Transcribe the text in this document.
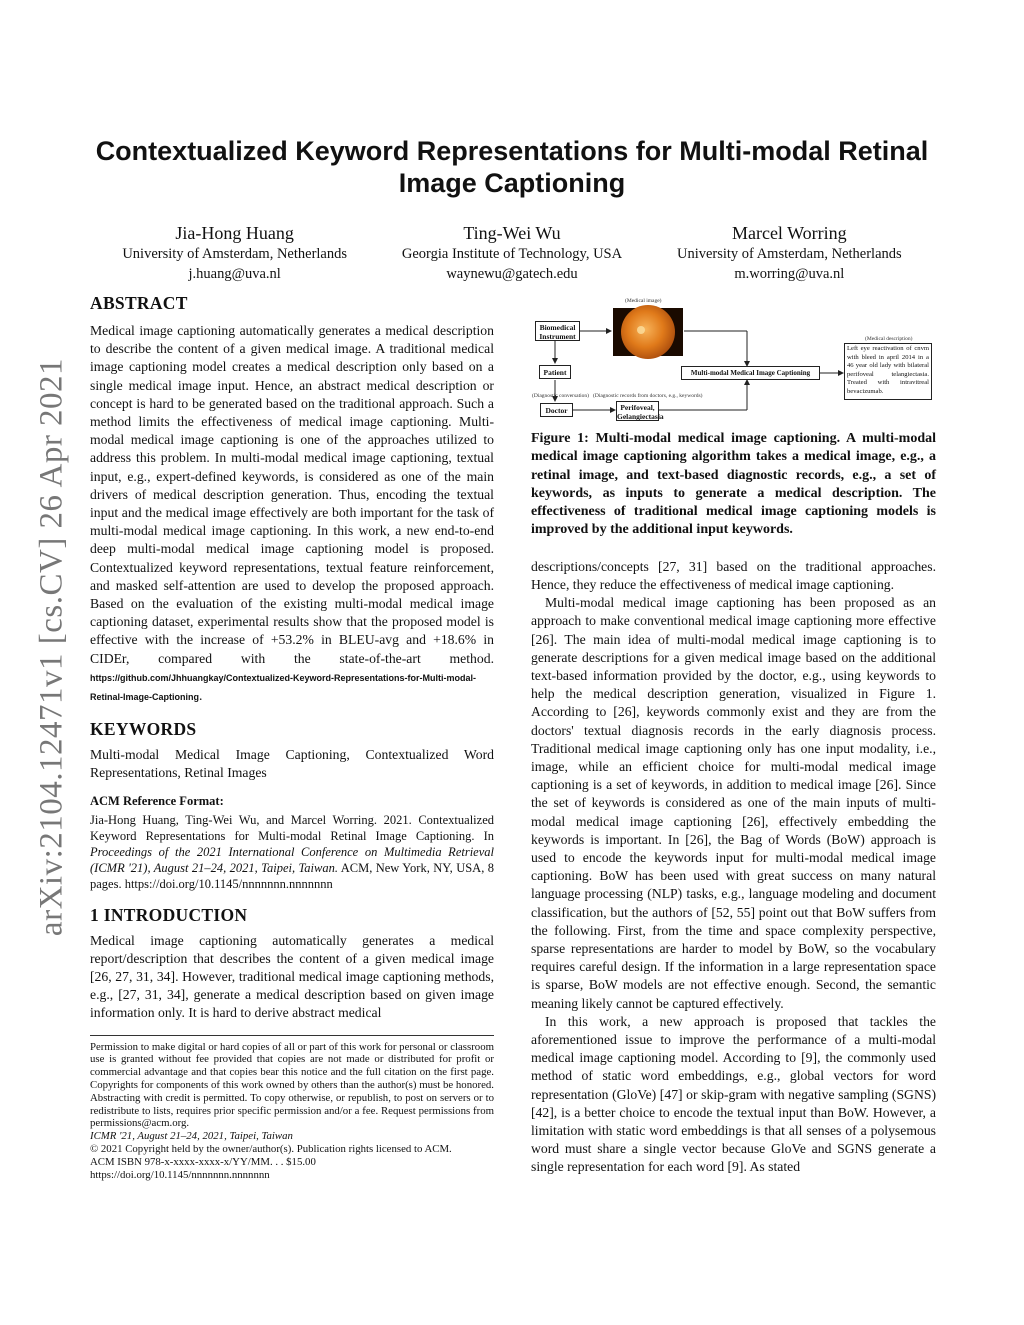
Contextualized Keyword Representations for Multi-modal Retinal Image Captioning
Jia-Hong Huang
University of Amsterdam, Netherlands
j.huang@uva.nl
Ting-Wei Wu
Georgia Institute of Technology, USA
waynewu@gatech.edu
Marcel Worring
University of Amsterdam, Netherlands
m.worring@uva.nl
arXiv:2104.12471v1 [cs.CV] 26 Apr 2021
ABSTRACT

Medical image captioning automatically generates a medical description to describe the content of a given medical image. A traditional medical image captioning model creates a medical description only based on a single medical image input. Hence, an abstract medical description or concept is hard to be generated based on the traditional approach. Such a method limits the effectiveness of medical image captioning. Multi-modal medical image captioning is one of the approaches utilized to address this problem. In multi-modal medical image captioning, textual input, e.g., expert-defined keywords, is considered as one of the main drivers of medical description generation. Thus, encoding the textual input and the medical image effectively are both important for the task of multi-modal medical image captioning. In this work, a new end-to-end deep multi-modal medical image captioning model is proposed. Contextualized keyword representations, textual feature reinforcement, and masked self-attention are used to develop the proposed approach. Based on the evaluation of the existing multi-modal medical image captioning dataset, experimental results show that the proposed model is effective with the increase of +53.2% in BLEU-avg and +18.6% in CIDEr, compared with the state-of-the-art method. https://github.com/Jhhuangkay/Contextualized-Keyword-Representations-for-Multi-modal-Retinal-Image-Captioning.

KEYWORDS

Multi-modal Medical Image Captioning, Contextualized Word Representations, Retinal Images

ACM Reference Format:

Jia-Hong Huang, Ting-Wei Wu, and Marcel Worring. 2021. Contextualized Keyword Representations for Multi-modal Retinal Image Captioning. In Proceedings of the 2021 International Conference on Multimedia Retrieval (ICMR '21), August 21–24, 2021, Taipei, Taiwan. ACM, New York, NY, USA, 8 pages. https://doi.org/10.1145/nnnnnnn.nnnnnnn

1 INTRODUCTION

Medical image captioning automatically generates a medical report/description that describes the content of a given medical image [26, 27, 31, 34]. However, traditional medical image captioning methods, e.g., [27, 31, 34], generate a medical description based on given image information only. It is hard to derive abstract medical

Permission to make digital or hard copies of all or part of this work for personal or classroom use is granted without fee provided that copies are not made or distributed for profit or commercial advantage and that copies bear this notice and the full citation on the first page. Copyrights for components of this work owned by others than the author(s) must be honored. Abstracting with credit is permitted. To copy otherwise, or republish, to post on servers or to redistribute to lists, requires prior specific permission and/or a fee. Request permissions from permissions@acm.org.

ICMR '21, August 21–24, 2021, Taipei, Taiwan

© 2021 Copyright held by the owner/author(s). Publication rights licensed to ACM.

ACM ISBN 978-x-xxxx-xxxx-x/YY/MM. . . $15.00

https://doi.org/10.1145/nnnnnnn.nnnnnnn

(Medical image)
Biomedical Instrument
Patient
(Diagnostic conversation) (Diagnostic records from doctors, e.g., keywords)
Doctor	Perifoveal, Gelangiectasia
Multi-modal Medical Image Captioning
(Medical description)
Left eye reactivation of cnvm with bleed in april 2014 in a 46 year old lady with bilateral perifoveal telangiectasia. Treated with intravitreal bevacizumab.

Figure 1: Multi-modal medical image captioning. A multi-modal medical image captioning algorithm takes a medical image, e.g., a retinal image, and text-based diagnostic records, e.g., a set of keywords, as inputs to generate a medical description. The effectiveness of traditional medical image captioning models is improved by the additional input keywords.

descriptions/concepts [27, 31] based on the traditional approaches. Hence, they reduce the effectiveness of medical image captioning.

Multi-modal medical image captioning has been proposed as an approach to make conventional medical image captioning more effective [26]. The main idea of multi-modal medical image captioning is to generate descriptions for a given medical image based on the additional text-based information provided by the doctor, e.g., using keywords to help the medical description generation, visualized in Figure 1. According to [26], keywords commonly exist and they are from the doctors' textual diagnosis records in the early diagnosis process. Traditional medical image captioning only has one input modality, i.e., image, while an efficient choice for multi-modal medical image captioning is a set of keywords, in addition to medical image [26]. Since the set of keywords is considered as one of the main inputs of multi-modal medical image captioning [26], effectively embedding the keywords is important. In [26], the Bag of Words (BoW) approach is used to encode the keywords input for multi-modal medical image captioning. BoW has been used with great success on many natural language processing (NLP) tasks, e.g., language modeling and document classification, but the authors of [52, 55] point out that BoW suffers from the following. First, from the time and space complexity perspective, sparse representations are harder to model by BoW, so the vocabulary requires careful design. If the information in a large representation space is sparse, BoW models are not effective enough. Second, the semantic meaning likely cannot be captured effectively.

In this work, a new approach is proposed that tackles the aforementioned issue to improve the performance of a multi-modal medical image captioning model. According to [9], the commonly used method of static word embeddings, e.g., global vectors for word representation (GloVe) [47] or skip-gram with negative sampling (SGNS) [42], is a better choice to encode the textual input than BoW. However, a limitation with static word embeddings is that all senses of a polysemous word must share a single vector because GloVe and SGNS generate a single representation for each word [9]. As stated
